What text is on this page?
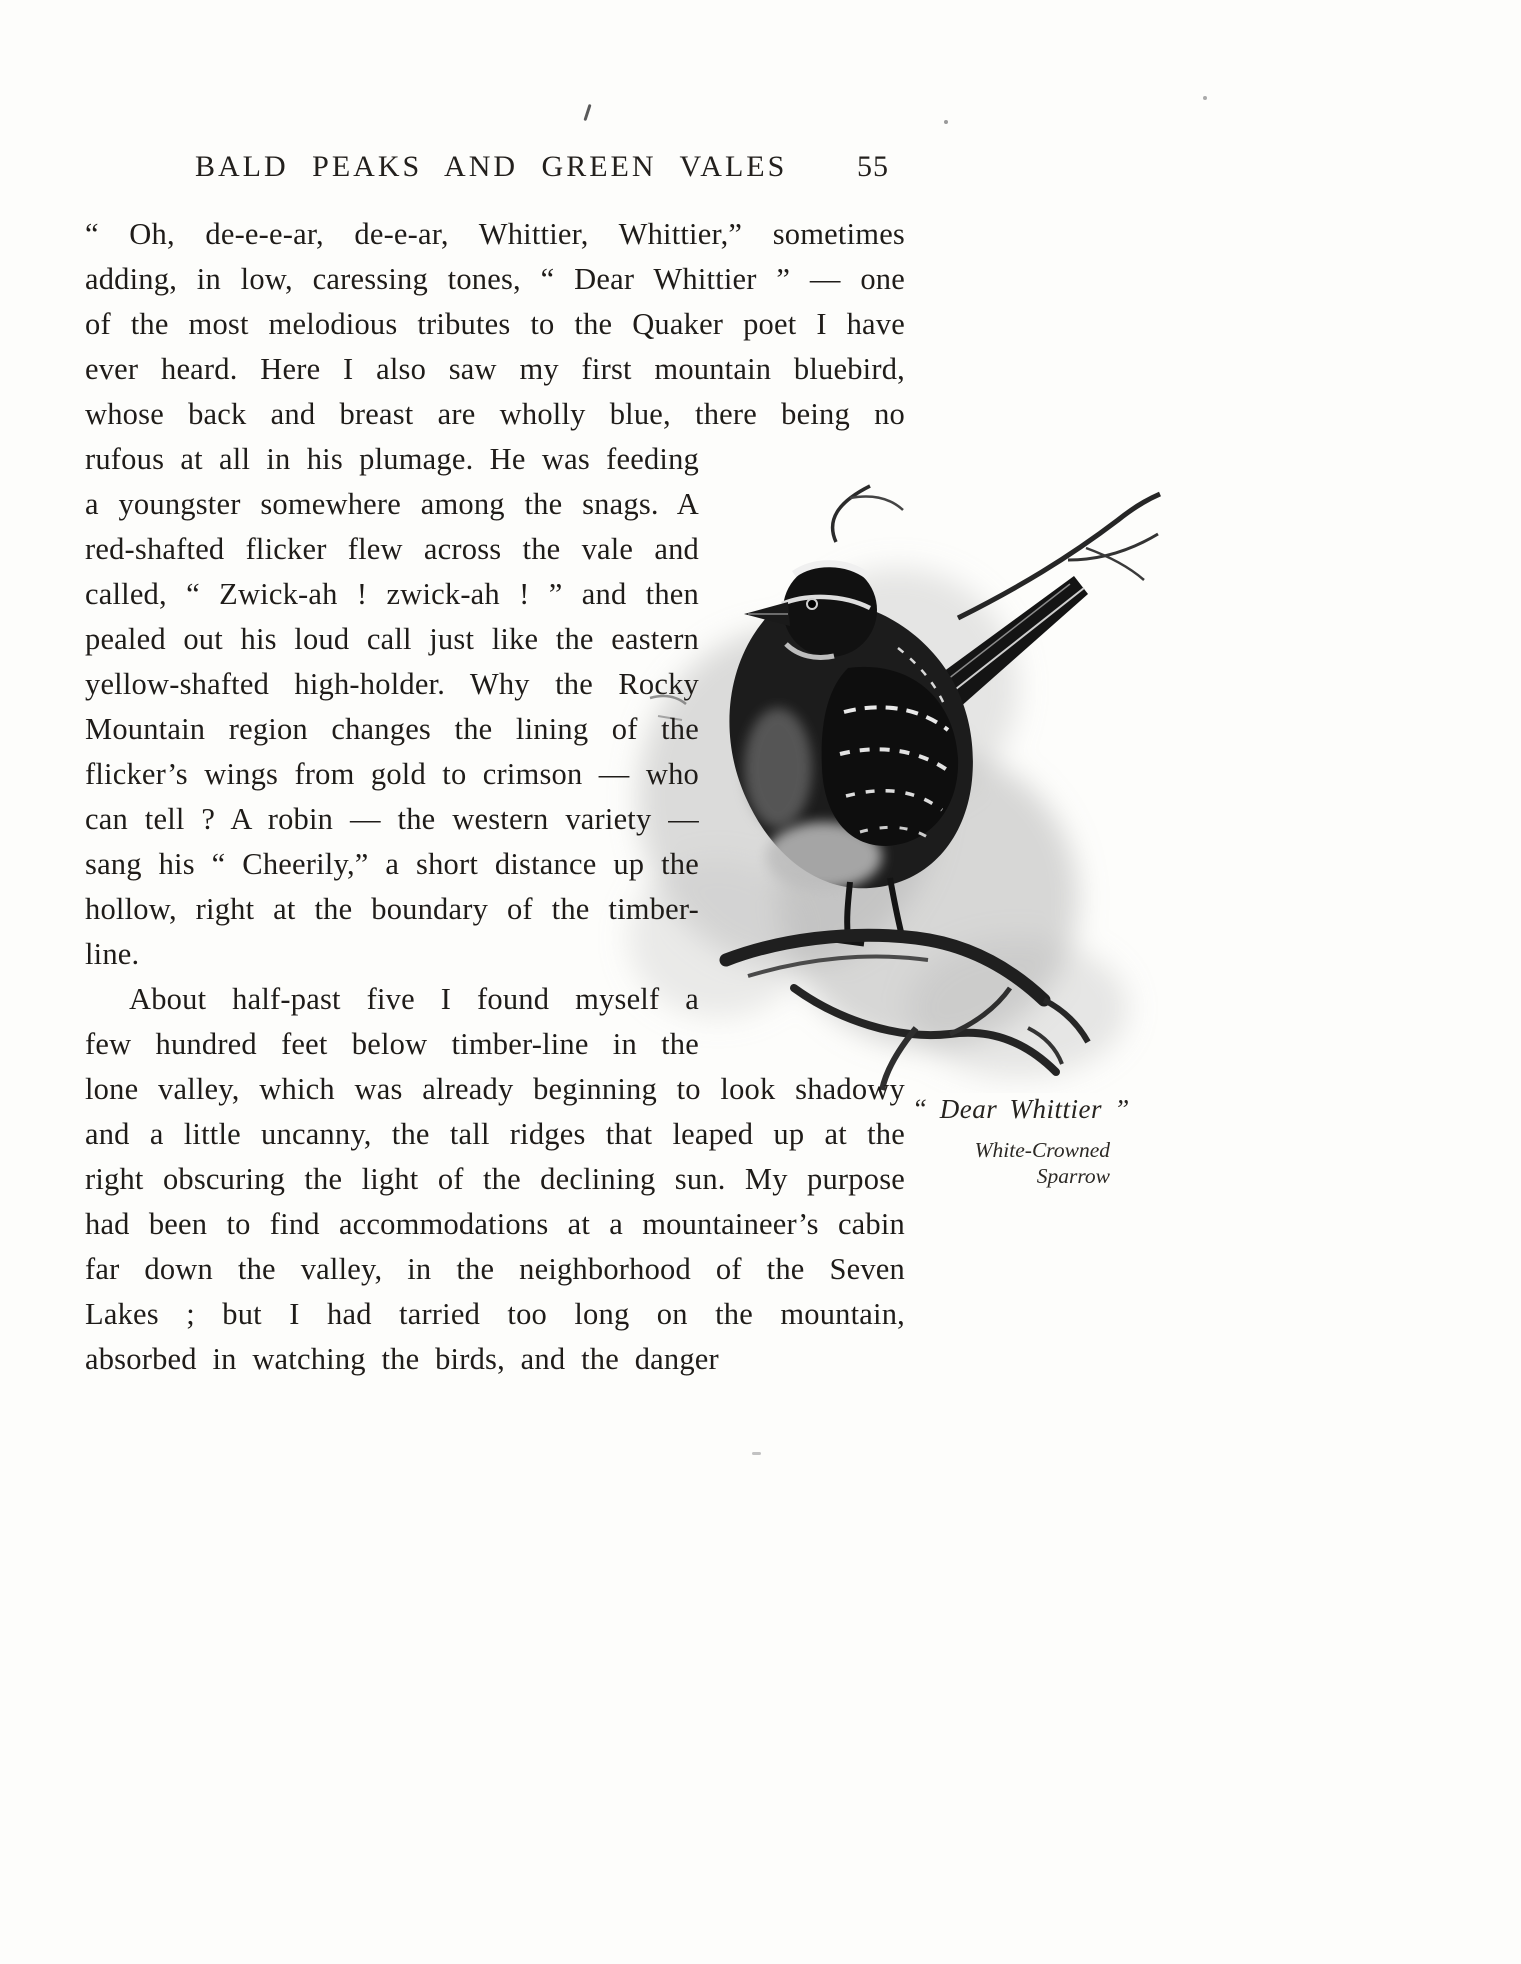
BALD PEAKS AND GREEN VALES 55
“ Dear Whittier ”
White-Crowned
Sparrow

“ Oh, de-e-e-ar, de-e-ar, Whittier, Whittier,” sometimes adding, in low, caressing tones, “ Dear Whittier ” — one of the most melodious tributes to the Quaker poet I have ever heard. Here I also saw my first mountain bluebird, whose back and breast are wholly blue, there being no rufous at all in his plumage. He was feeding a youngster somewhere among the snags. A red-shafted flicker flew across the vale and called, “ Zwick-ah ! zwick-ah ! ” and then pealed out his loud call just like the eastern yellow-shafted high-holder. Why the Rocky Mountain region changes the lining of the flicker’s wings from gold to crimson — who can tell ? A robin — the western variety — sang his “ Cheerily,” a short distance up the hollow, right at the boundary of the timber-line.

About half-past five I found myself a few hundred feet below timber-line in the lone valley, which was already beginning to look shadowy and a little uncanny, the tall ridges that leaped up at the right obscuring the light of the declining sun. My purpose had been to find accommodations at a mountaineer’s cabin far down the valley, in the neighborhood of the Seven Lakes ; but I had tarried too long on the mountain, absorbed in watching the birds, and the danger
